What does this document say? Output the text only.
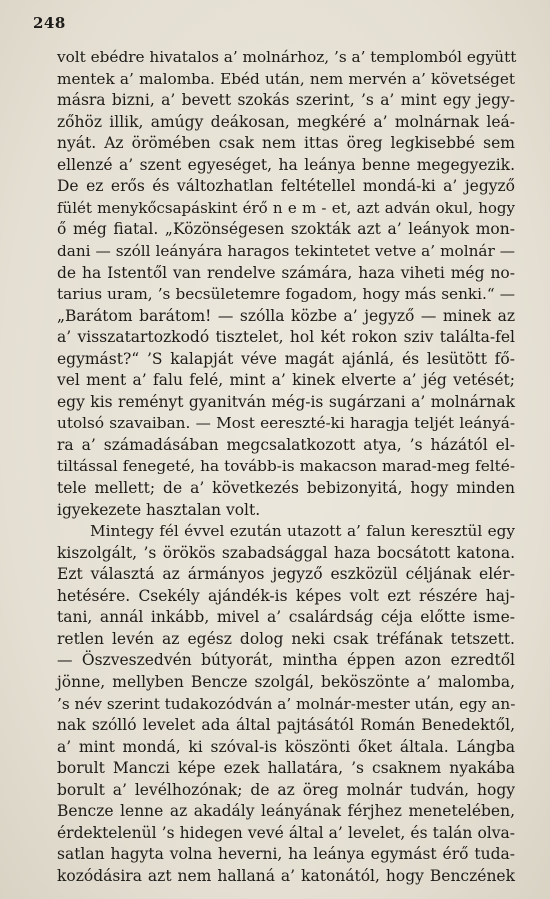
248
volt ebédre hivatalos a’ molnárhoz, ’s a’ templomból együtt
mentek a’ malomba. Ebéd után, nem mervén a’ követséget
másra bizni, a’ bevett szokás szerint, ’s a’ mint egy jegy-
zőhöz illik, amúgy deákosan, megkéré a’ molnárnak leá-
nyát. Az örömében csak nem ittas öreg legkisebbé sem
ellenzé a’ szent egyeséget, ha leánya benne megegyezik.
De ez erős és változhatlan feltétellel mondá-ki a’ jegyző
fülét menykőcsapáskint érő n e m - et, azt adván okul, hogy
ő még fiatal. „Közönségesen szokták azt a’ leányok mon-
dani — szóll leányára haragos tekintetet vetve a’ molnár —
de ha Istentől van rendelve számára, haza viheti még no-
tarius uram, ’s becsületemre fogadom, hogy más senki.“ —
„Barátom barátom! — szólla közbe a’ jegyző — minek az
a’ visszatartozkodó tisztelet, hol két rokon sziv találta-fel
egymást?“ ’S kalapját véve magát ajánlá, és lesütött fő-
vel ment a’ falu felé, mint a’ kinek elverte a’ jég vetését;
egy kis reményt gyanitván még-is sugárzani a’ molnárnak
utolsó szavaiban. — Most eereszté-ki haragja teljét leányá-
ra a’ számadásában megcsalatkozott atya, ’s házától el-
tiltással fenegeté, ha tovább-is makacson marad-meg felté-
tele mellett; de a’ következés bebizonyitá, hogy minden
igyekezete hasztalan volt.
Mintegy fél évvel ezután utazott a’ falun keresztül egy
kiszolgált, ’s örökös szabadsággal haza bocsátott katona.
Ezt választá az ármányos jegyző eszközül céljának elér-
hetésére. Csekély ajándék-is képes volt ezt részére haj-
tani, annál inkább, mivel a’ csalárdság céja előtte isme-
retlen levén az egész dolog neki csak tréfának tetszett.
— Öszveszedvén bútyorát, mintha éppen azon ezredtől
jönne, mellyben Bencze szolgál, beköszönte a’ malomba,
’s név szerint tudakozódván a’ molnár-mester után, egy an-
nak szólló levelet ada által pajtásától Román Benedektől,
a’ mint mondá, ki szóval-is köszönti őket általa. Lángba
borult Manczi képe ezek hallatára, ’s csaknem nyakába
borult a’ levélhozónak; de az öreg molnár tudván, hogy
Bencze lenne az akadály leányának férjhez menetelében,
érdektelenül ’s hidegen vevé által a’ levelet, és talán olva-
satlan hagyta volna heverni, ha leánya egymást érő tuda-
kozódásira azt nem hallaná a’ katonától, hogy Benczének
